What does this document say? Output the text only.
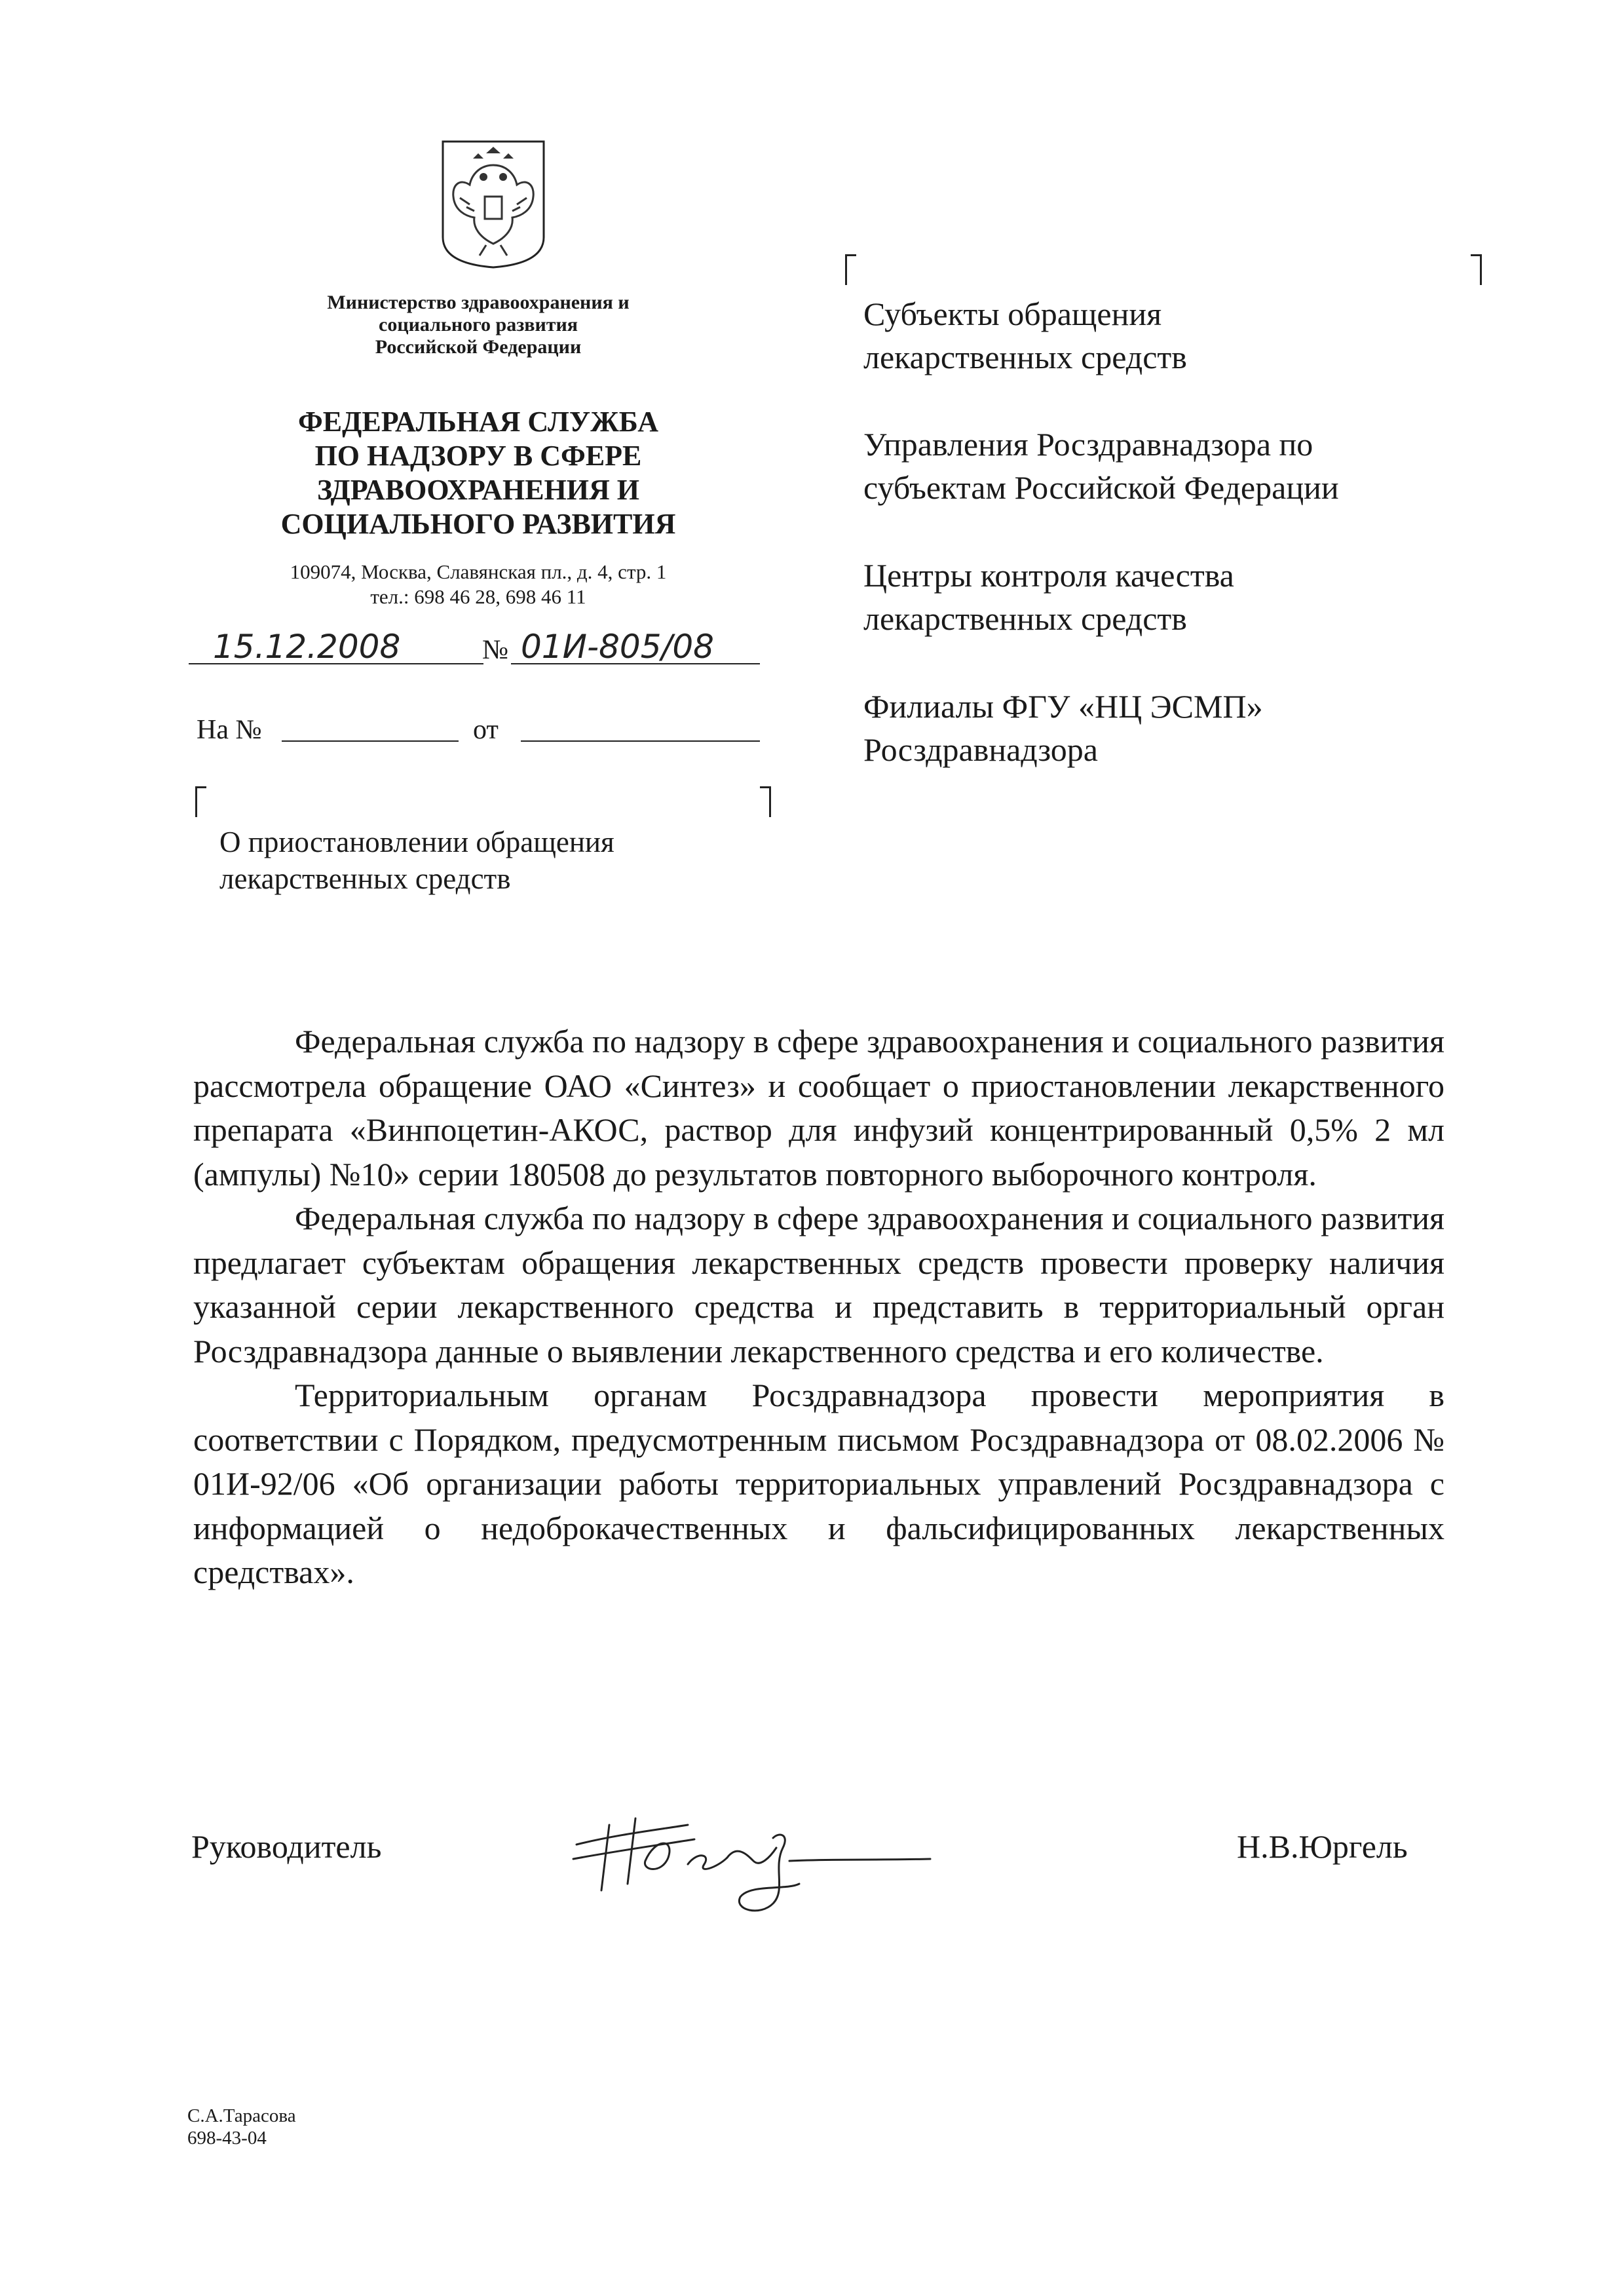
Министерство здравоохранения и
социального развития
Российской Федерации
ФЕДЕРАЛЬНАЯ СЛУЖБА
ПО НАДЗОРУ В СФЕРЕ
ЗДРАВООХРАНЕНИЯ И
СОЦИАЛЬНОГО РАЗВИТИЯ
109074, Москва, Славянская пл., д. 4, стр. 1
тел.: 698 46 28, 698 46 11
15.12.2008	№ 01И-805/08
На №	от
О приостановлении обращения
лекарственных средств
Субъекты обращения
лекарственных средств
Управления Росздравнадзора по
субъектам Российской Федерации
Центры контроля качества
лекарственных средств
Филиалы ФГУ «НЦ ЭСМП»
Росздравнадзора

Федеральная служба по надзору в сфере здравоохранения и социального развития рассмотрела обращение ОАО «Синтез» и сообщает о приостановлении лекарственного препарата «Винпоцетин-АКОС, раствор для инфузий концентрированный 0,5% 2 мл (ампулы) №10» серии 180508 до результатов повторного выборочного контроля.

Федеральная служба по надзору в сфере здравоохранения и социального развития предлагает субъектам обращения лекарственных средств провести проверку наличия указанной серии лекарственного средства и представить в территориальный орган Росздравнадзора данные о выявлении лекарственного средства и его количестве.

Территориальным органам Росздравнадзора провести мероприятия в соответствии с Порядком, предусмотренным письмом Росздравнадзора от 08.02.2006 № 01И-92/06 «Об организации работы территориальных управлений Росздравнадзора с информацией о недоброкачественных и фальсифицированных лекарственных средствах».

Руководитель	Н.В.Юргель
С.А.Тарасова
698-43-04
